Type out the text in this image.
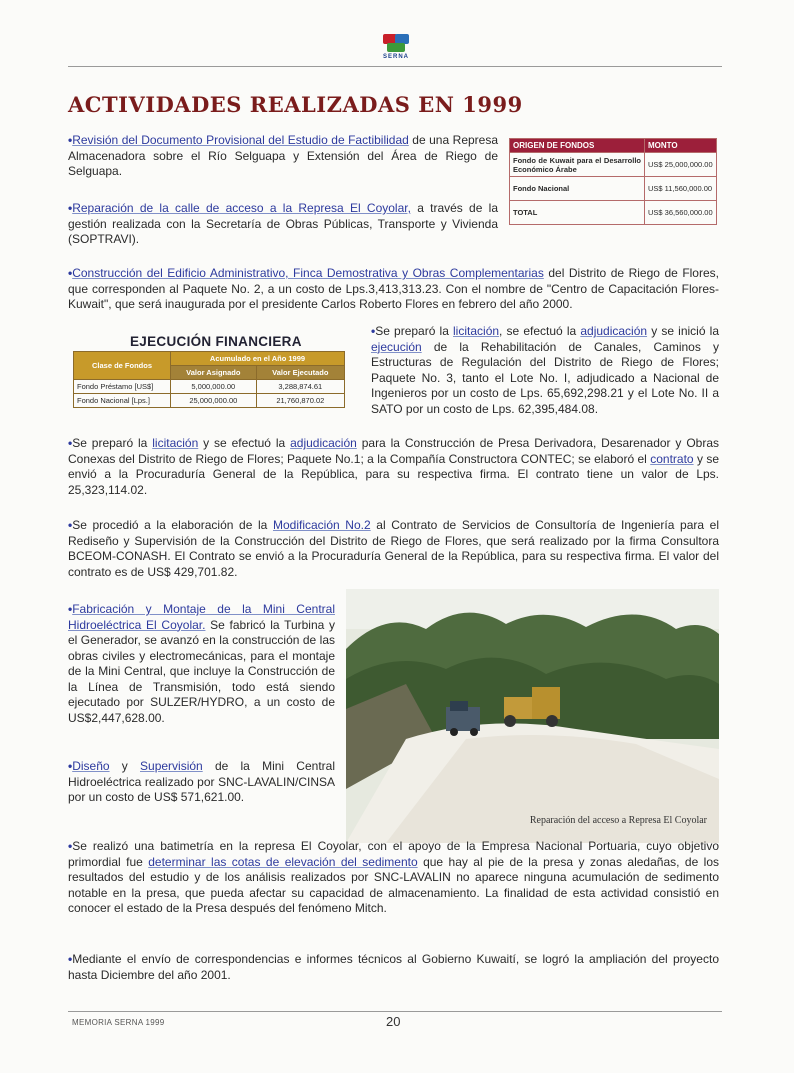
SERNA
ACTIVIDADES REALIZADAS EN 1999
•Revisión del Documento Provisional del Estudio de Factibilidad de una Represa Almacenadora sobre el Río Selguapa y Extensión del Área de Riego de Selguapa.
ORIGEN DE FONDOS	MONTO
Fondo de Kuwait para el Desarrollo Económico Árabe	US$ 25,000,000.00
Fondo Nacional	US$ 11,560,000.00
TOTAL	US$ 36,560,000.00
•Reparación de la calle de acceso a la Represa El Coyolar, a través de la gestión realizada con la Secretaría de Obras Públicas, Transporte y Vivienda (SOPTRAVI).
•Construcción del Edificio Administrativo, Finca Demostrativa y Obras Complementarias del Distrito de Riego de Flores, que corresponden al Paquete No. 2, a un costo de Lps.3,413,313.23. Con el nombre de "Centro de Capacitación Flores-Kuwait", que será inaugurada por el presidente Carlos Roberto Flores en febrero del año 2000.
EJECUCIÓN FINANCIERA
Clase de Fondos	Acumulado en el Año 1999	
	Valor Asignado	Valor Ejecutado
Fondo Préstamo [US$]	5,000,000.00	3,288,874.61
Fondo Nacional [Lps.]	25,000,000.00	21,760,870.02
•Se preparó la licitación, se efectuó la adjudicación y se inició la ejecución de la Rehabilitación de Canales, Caminos y Estructuras de Regulación del Distrito de Riego de Flores; Paquete No. 3, tanto el Lote No. I, adjudicado a Nacional de Ingenieros por un costo de Lps. 65,692,298.21 y el Lote No. II a SATO por un costo de Lps. 62,395,484.08.
•Se preparó la licitación y se efectuó la adjudicación para la Construcción de Presa Derivadora, Desarenador y Obras Conexas del Distrito de Riego de Flores; Paquete No.1; a la Compañía Constructora CONTEC; se elaboró el contrato y se envió a la Procuraduría General de la República, para su respectiva firma. El contrato tiene un valor de Lps. 25,323,114.02.
•Se procedió a la elaboración de la Modificación No.2 al Contrato de Servicios de Consultoría de Ingeniería para el Rediseño y Supervisión de la Construcción del Distrito de Riego de Flores, que será realizado por la firma Consultora BCEOM-CONASH. El Contrato se envió a la Procuraduría General de la República, para su respectiva firma. El valor del contrato es de US$ 429,701.82.
•Fabricación y Montaje de la Mini Central Hidroeléctrica El Coyolar. Se fabricó la Turbina y el Generador, se avanzó en la construcción de las obras civiles y electromecánicas, para el montaje de la Mini Central, que incluye la Construcción de la Línea de Transmisión, todo está siendo ejecutado por SULZER/HYDRO, a un costo de US$2,447,628.00.
•Diseño y Supervisión de la Mini Central Hidroeléctrica realizado por SNC-LAVALIN/CINSA por un costo de US$ 571,621.00.
Reparación del acceso a Represa El Coyolar
•Se realizó una batimetría en la represa El Coyolar, con el apoyo de la Empresa Nacional Portuaria, cuyo objetivo primordial fue determinar las cotas de elevación del sedimento que hay al pie de la presa y zonas aledañas, de los resultados del estudio y de los análisis realizados por SNC-LAVALIN no aparece ninguna acumulación de sedimento notable en la presa, que pueda afectar su capacidad de almacenamiento. La finalidad de esta actividad consistió en conocer el estado de la Presa después del fenómeno Mitch.
•Mediante el envío de correspondencias e informes técnicos al Gobierno Kuwaití, se logró la ampliación del proyecto hasta Diciembre del año 2001.
MEMORIA SERNA 1999	20
